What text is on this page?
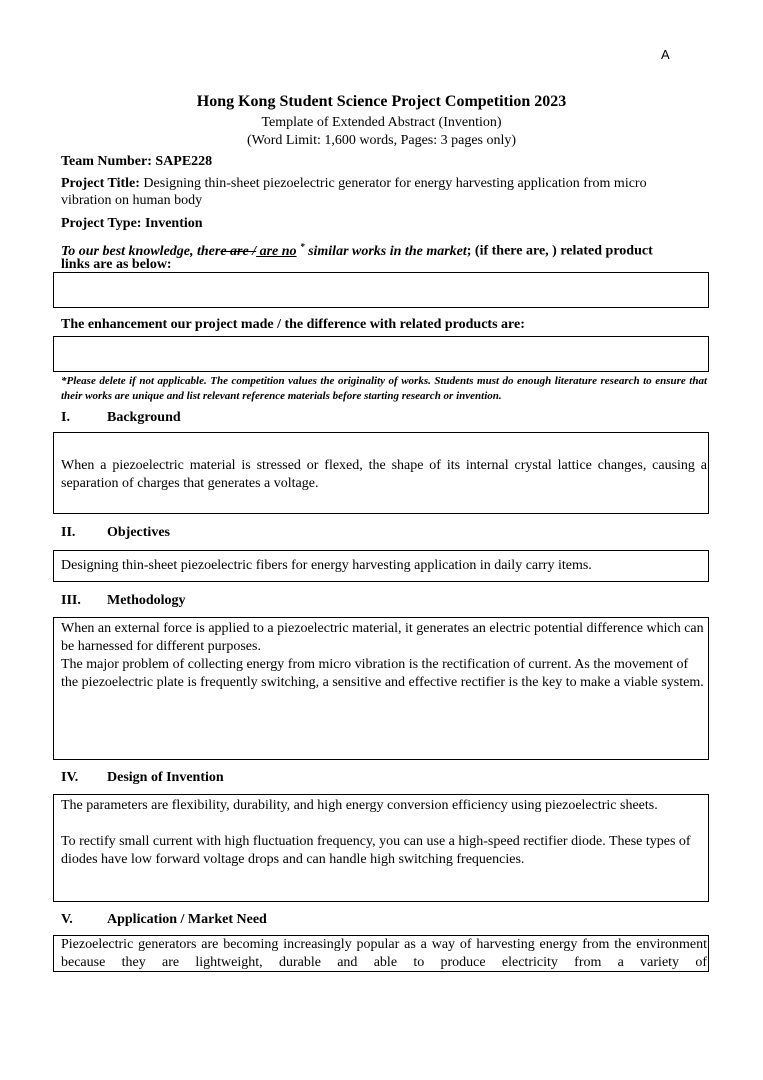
A
Hong Kong Student Science Project Competition 2023
Template of Extended Abstract (Invention)
(Word Limit: 1,600 words, Pages: 3 pages only)
Team Number: SAPE228
Project Title: Designing thin-sheet piezoelectric generator for energy harvesting application from micro
vibration on human body
Project Type: Invention
To our best knowledge, there are / are no * similar works in the market; (if there are, ) related product
links are as below:
The enhancement our project made / the difference with related products are:
*Please delete if not applicable. The competition values the originality of works. Students must do enough literature research to ensure that their works are unique and list relevant reference materials before starting research or invention.
I.	Background
When a piezoelectric material is stressed or flexed, the shape of its internal crystal lattice changes, causing a separation of charges that generates a voltage.
II. Objectives
Designing thin-sheet piezoelectric fibers for energy harvesting application in daily carry items.
III. Methodology
When an external force is applied to a piezoelectric material, it generates an electric potential difference which can be harnessed for different purposes.
The major problem of collecting energy from micro vibration is the rectification of current. As the movement of the piezoelectric plate is frequently switching, a sensitive and effective rectifier is the key to make a viable system.
IV. Design of Invention
The parameters are flexibility, durability, and high energy conversion efficiency using piezoelectric sheets.
To rectify small current with high fluctuation frequency, you can use a high-speed rectifier diode. These types of diodes have low forward voltage drops and can handle high switching frequencies.
V. Application / Market Need
Piezoelectric generators are becoming increasingly popular as a way of harvesting energy from the environment because they are lightweight, durable and able to produce electricity from a variety of
